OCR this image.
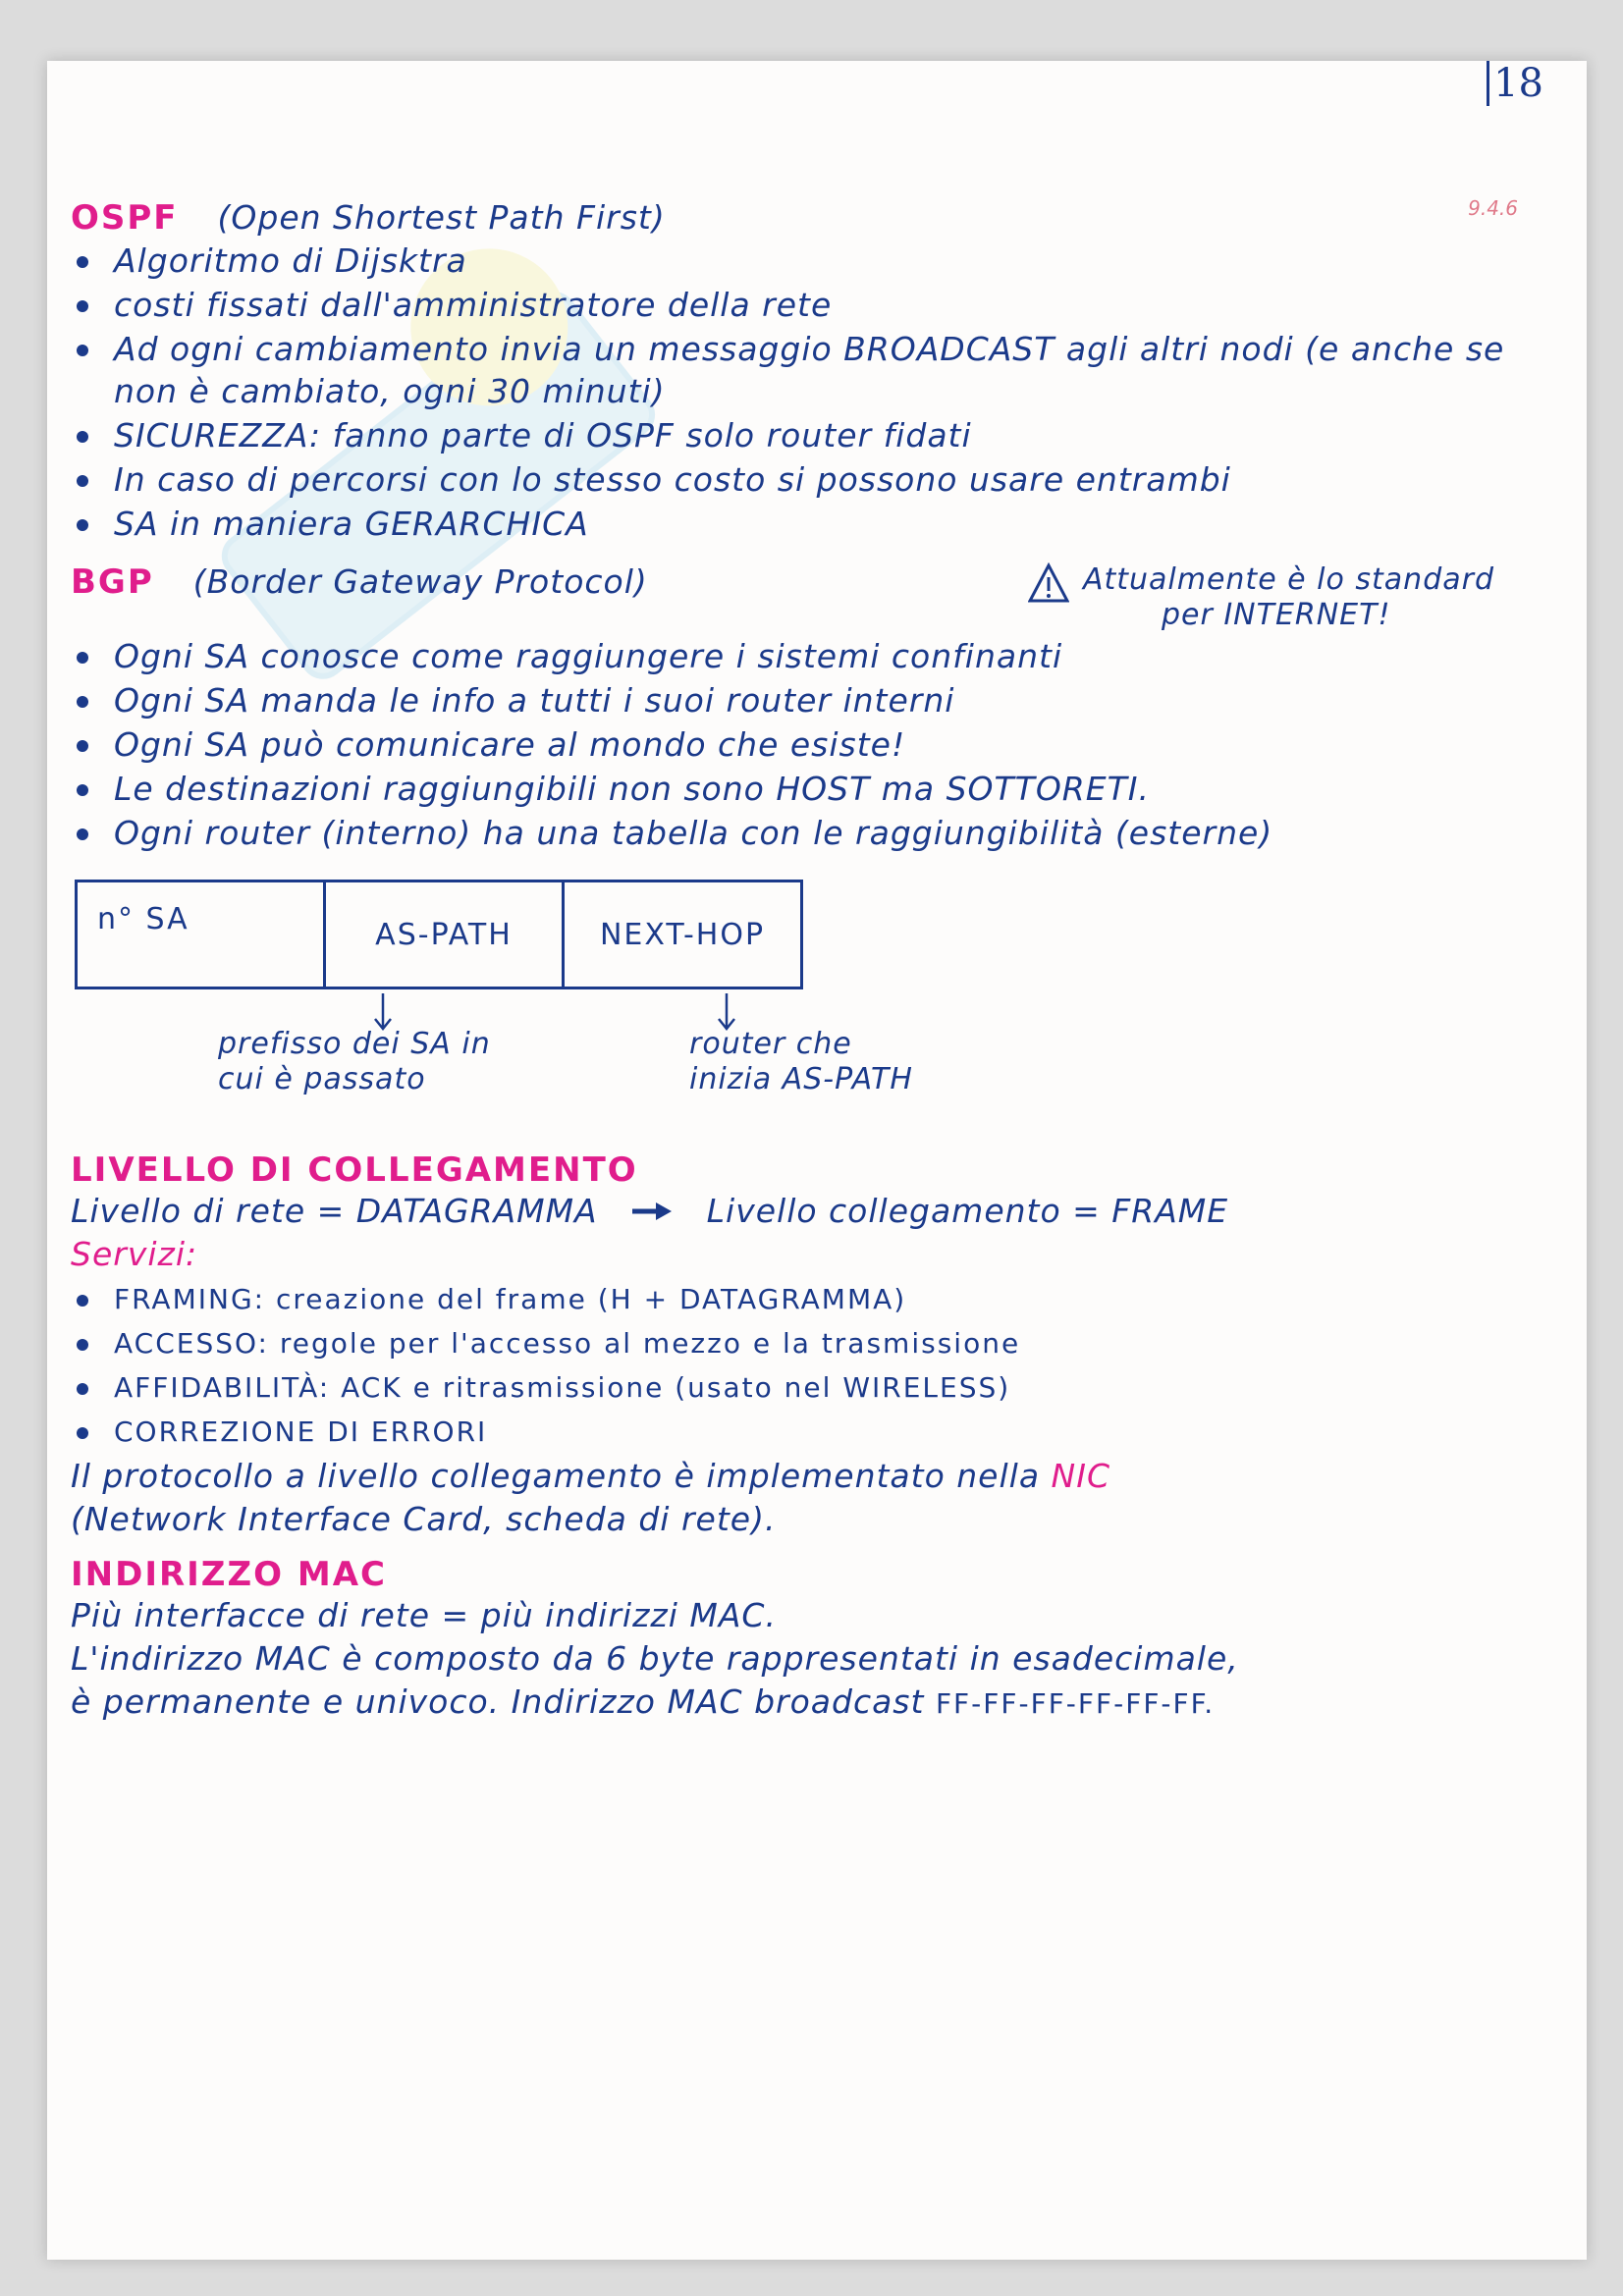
18
9.4.6
OSPF (Open Shortest Path First)
Algoritmo di Dijsktra
costi fissati dall'amministratore della rete
Ad ogni cambiamento invia un messaggio BROADCAST agli altri nodi (e anche se non è cambiato, ogni 30 minuti)
SICUREZZA: fanno parte di OSPF solo router fidati
In caso di percorsi con lo stesso costo si possono usare entrambi
SA in maniera GERARCHICA
BGP (Border Gateway Protocol)	Attualmente è lo standard
per INTERNET!
Ogni SA conosce come raggiungere i sistemi confinanti
Ogni SA manda le info a tutti i suoi router interni
Ogni SA può comunicare al mondo che esiste!
Le destinazioni raggiungibili non sono HOST ma SOTTORETI.
Ogni router (interno) ha una tabella con le raggiungibilità (esterne)
n° SA	AS-PATH	NEXT-HOP
prefisso dei SA in
cui è passato
router che
inizia AS-PATH
LIVELLO DI COLLEGAMENTO
Livello di rete = DATAGRAMMA	Livello collegamento = FRAME
Servizi:
FRAMING: creazione del frame (H + DATAGRAMMA)
ACCESSO: regole per l'accesso al mezzo e la trasmissione
AFFIDABILITÀ: ACK e ritrasmissione (usato nel WIRELESS)
CORREZIONE DI ERRORI
Il protocollo a livello collegamento è implementato nella NIC
(Network Interface Card, scheda di rete).
INDIRIZZO MAC
Più interfacce di rete = più indirizzi MAC.
L'indirizzo MAC è composto da 6 byte rappresentati in esadecimale,
è permanente e univoco. Indirizzo MAC broadcast FF-FF-FF-FF-FF-FF.
